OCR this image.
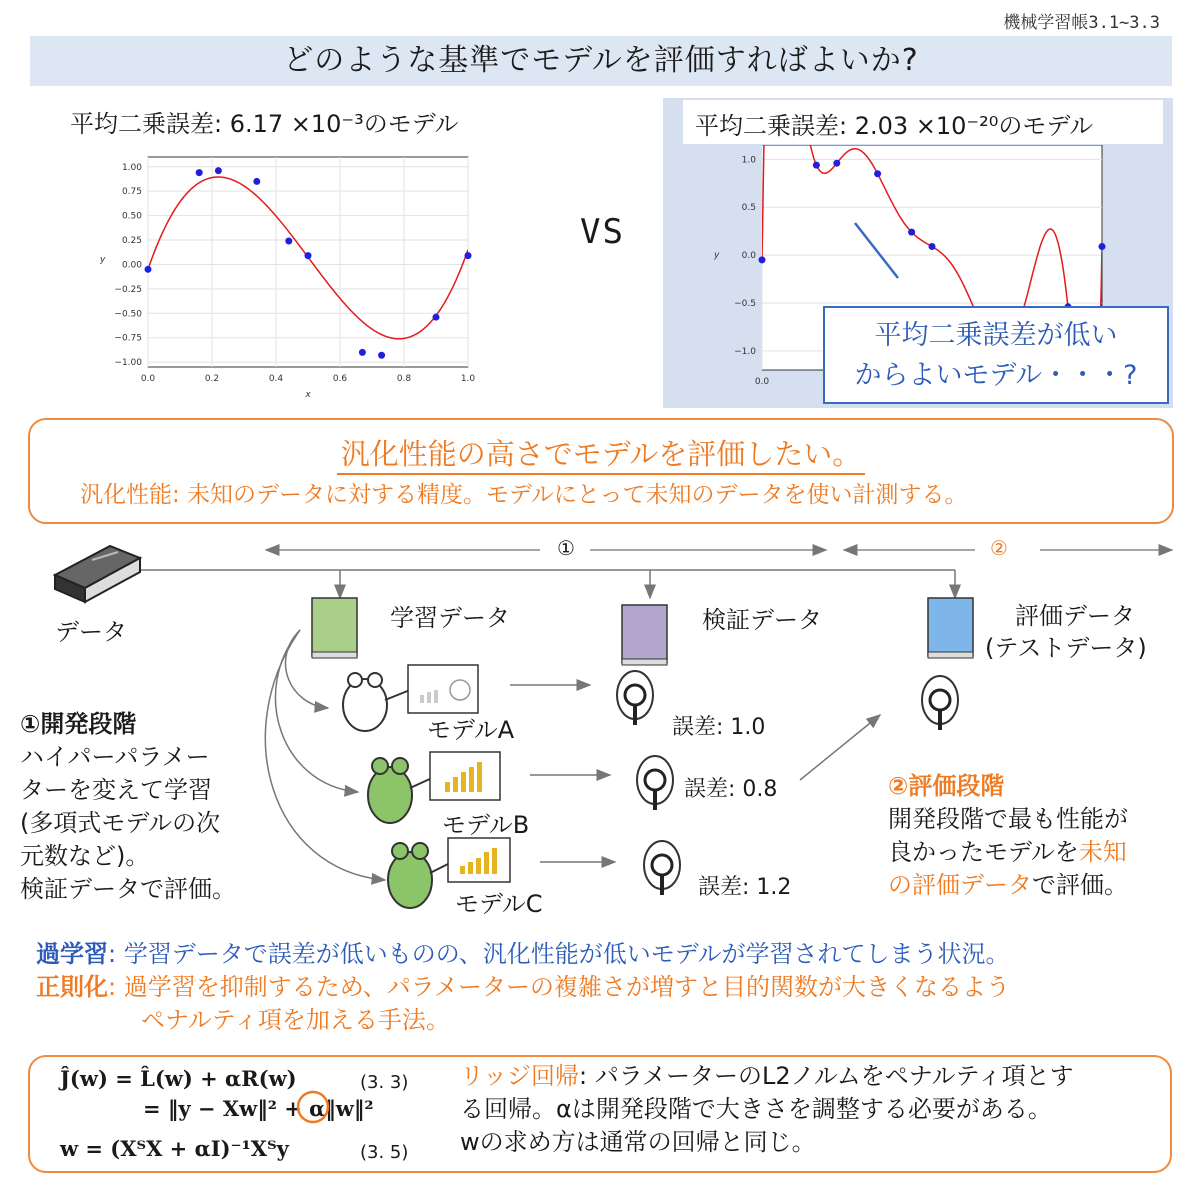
機械学習帳3.1~3.3
どのような基準でモデルを評価すればよいか?
平均二乗誤差: 6.17 ×10⁻³のモデル	平均二乗誤差: 2.03 ×10⁻²⁰のモデル
−1.00
−0.75
−0.50
−0.25
0.00
0.25
0.50
0.75
1.00
0.0	0.2	0.4	0.6	0.8	1.0
y
x
VS
−1.0
−0.5
0.0
0.5
1.0
0.0
y
平均二乗誤差が低い
からよいモデル・・・?
汎化性能の高さでモデルを評価したい。
汎化性能: 未知のデータに対する精度。モデルにとって未知のデータを使い計測する。
①	②
データ	学習データ	検証データ	評価データ
(テストデータ)
モデルA
モデルB
モデルC
誤差: 1.0
誤差: 0.8
誤差: 1.2
①開発段階
ハイパーパラメー
ターを変えて学習
(多項式モデルの次
元数など)。
検証データで評価。
②評価段階
開発段階で最も性能が
良かったモデルを未知
の評価データで評価。
過学習: 学習データで誤差が低いものの、汎化性能が低いモデルが学習されてしまう状況。
正則化: 過学習を抑制するため、パラメーターの複雑さが増すと目的関数が大きくなるよう
ペナルティ項を加える手法。
Ĵ(w) = L̂(w) + αR(w)
= ‖y − Xw‖² + α‖w‖²
(3. 3)
w = (XᵀX + αI)⁻¹Xᵀy	(3. 5)
リッジ回帰: パラメーターのL2ノルムをペナルティ項とす
る回帰。αは開発段階で大きさを調整する必要がある。
wの求め方は通常の回帰と同じ。
